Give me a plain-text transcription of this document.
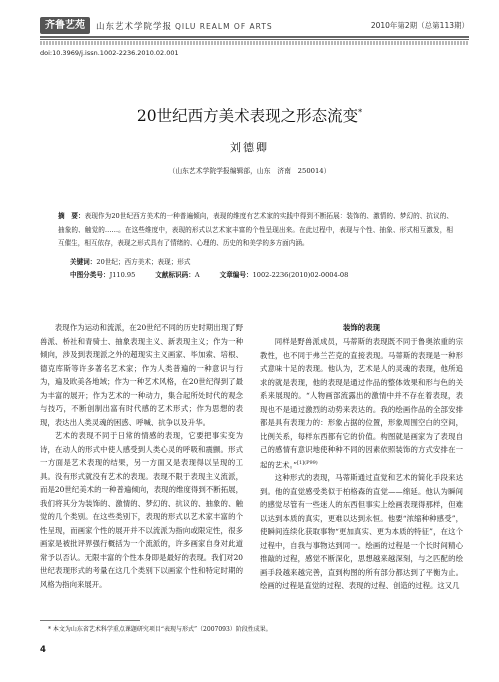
齐鲁艺苑	山东艺术学院学报 QILU REALM OF ARTS	2010年第2期（总第113期）
doi:10.3969/j.issn.1002-2236.2010.02.001
20世纪西方美术表现之形态流变*
刘德卿
（山东艺术学院学报编辑部，山东　济南　250014）
摘　要：表现作为20世纪西方美术的一种普遍倾向，表现的维度有艺术家的实践中得到不断拓展：装饰的、激情的、梦幻的、抗议的、抽象的、触觉的……。在这些维度中，表现的形式以艺术家丰富的个性呈现出来。在此过程中，表现与个性、抽象、形式相互激发，相互催生，相互依存，表现之形式具有了情绪的、心理的、历史的和美学的多方面内涵。
关键词：20世纪；西方美术；表现；形式
中图分类号：J110.95	文献标识码：A	文章编号：1002-2236(2010)02-0004-08

表现作为运动和流派，在20世纪不同的历史时期出现了野兽派、桥社和青骑士、抽象表现主义、新表现主义；作为一种倾向，涉及到表现派之外的超现实主义画家、毕加索、培根、德克库斯等许多著名艺术家；作为人类普遍的一种意识与行为，遍及欧美各地域；作为一种艺术风格，在20世纪得到了最为丰富的展开；作为艺术的一种动力，集合起所处时代的观念与技巧，不断创制出富有时代感的艺术形式；作为思想的表现，表达出人类灵魂的困惑、呼喊、抗争以及升华。

艺术的表现不同于日常的情感的表现，它要把事实变为诗，在动人的形式中使人感受到人类心灵的呼吸和震颤。形式一方面是艺术表现的结果，另一方面又是表现得以呈现的工具。没有形式就没有艺术的表现。表现不限于表现主义流派，而是20世纪美术的一种普遍倾向，表现的维度得到不断拓展，我们将其分为装饰的、激情的、梦幻的、抗议的、抽象的、触觉的几个类别。在这些类别下，表现的形式以艺术家丰富的个性呈现，而画家个性的展开并不以流派为指向或限定性，很多画家是被批评界强行概括为一个流派的，许多画家自身对此道常予以否认。无限丰富的个性本身即是最好的表现。我们对20世纪表现形式的考量在这几个类别下以画家个性和特定时期的风格为指向来展开。

装饰的表现

同样是野兽派成员，马蒂斯的表现既不同于鲁奥浓重的宗教性，也不同于弗兰芒克的直接表现。马蒂斯的表现是一种形式意味十足的表现。他认为，艺术是人的灵魂的表现，他所追求的就是表现，他的表现是通过作品的整体效果和形与色的关系来展现的。“人物画部流露出的激情中并不存在着表现，表现也不是通过激烈的动势来表达的。我的绘画作品的全部安排都是具有表现力的：形象占据的位置，形象周围空白的空间，比例关系，每样东西都有它的价值。构图就是画家为了表现自己的感情有意识地使种种不同的因素依照装饰的方式安排在一起的艺术。”$^{[1](P99)}$

这种形式的表现，马蒂斯通过直觉和艺术的简化手段来达到。他的直觉感受类似于柏格森的直觉——绵延。他认为瞬间的感觉尽管有一些迷人的东西但事实上绘画表现得那样，但难以达到本质的真实，更难以达到永恒。他要“浓缩种种感受”，使瞬间连续化获取事物“更加真实、更为本质的特征”，在这个过程中，自我与事物达到同一。绘画的过程是一个长时间精心推敲的过程，感觉不断深化，思想越来越深刻，与之匹配的绘画手段越来越完善，直到构图的所有部分都达到了平衡为止。绘画的过程是直觉的过程、表现的过程、创造的过程。这又几

* 本文为山东省艺术科学重点课题研究项目“表现与形式”（2007093）阶段性成果。
4
